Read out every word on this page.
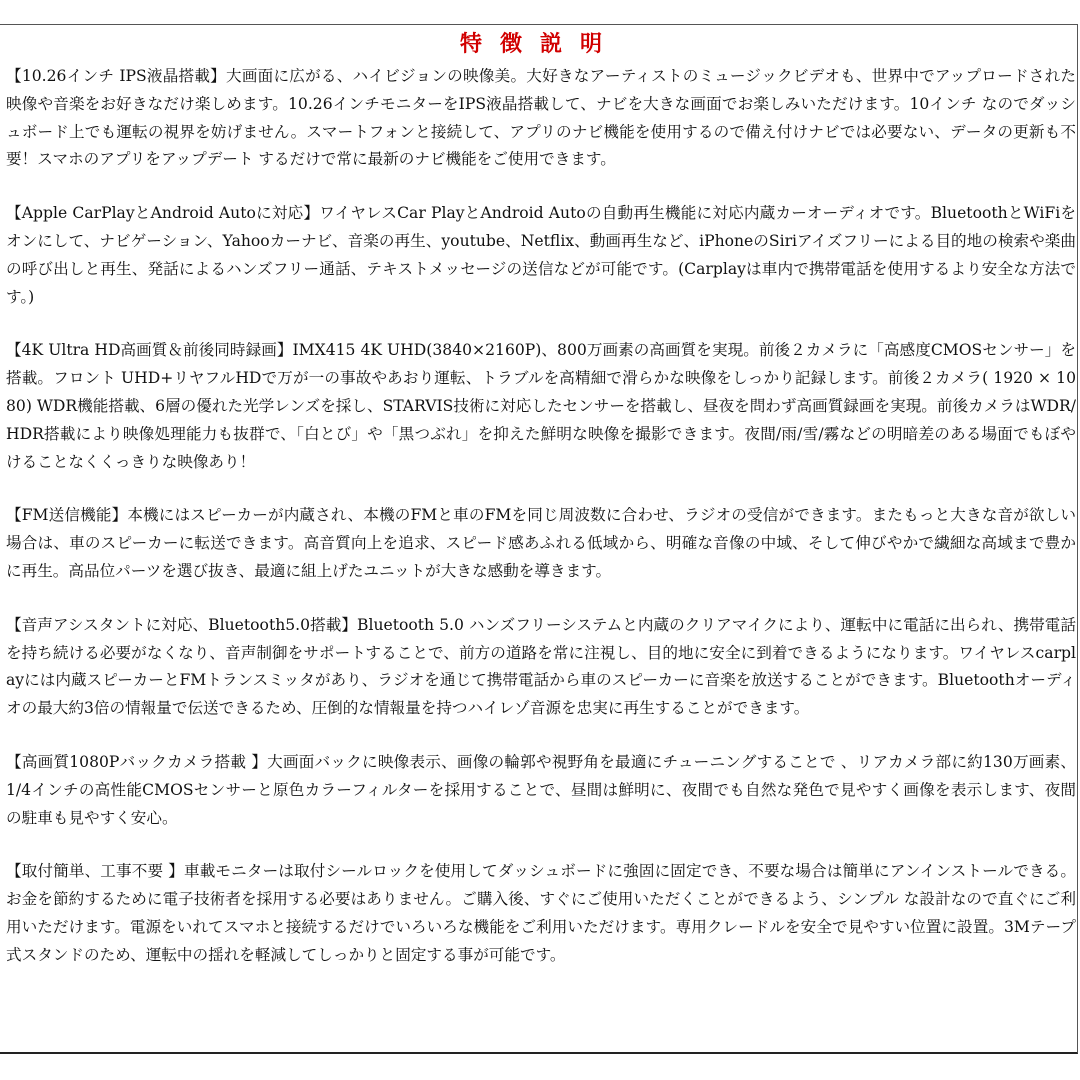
特徴説明

【10.26インチ IPS液晶搭載】大画面に広がる、ハイビジョンの映像美。大好きなアーティストのミュージックビデオも、世界中でアップロードされた映像や音楽をお好きなだけ楽しめます。10.26インチモニターをIPS液晶搭載して、ナビを大きな画面でお楽しみいただけます。10インチ なのでダッシュボード上でも運転の視界を妨げません。スマートフォンと接続して、アプリのナビ機能を使用するので備え付けナビでは必要ない、データの更新も不要！スマホのアプリをアップデート するだけで常に最新のナビ機能をご使用できます。

【Apple CarPlayとAndroid Autoに対応】ワイヤレスCar PlayとAndroid Autoの自動再生機能に対応内蔵カーオーディオです。BluetoothとWiFiをオンにして、ナビゲーション、Yahooカーナビ、音楽の再生、youtube、Netflix、動画再生など、iPhoneのSiriアイズフリーによる目的地の検索や楽曲の呼び出しと再生、発話によるハンズフリー通話、テキストメッセージの送信などが可能です。(Carplayは車内で携帯電話を使用するより安全な方法です。)

【4K Ultra HD高画質＆前後同時録画】IMX415 4K UHD(3840×2160P)、800万画素の高画質を実現。前後２カメラに「高感度CMOSセンサー」を搭載。フロント UHD+リヤフルHDで万が一の事故やあおり運転、トラブルを高精細で滑らかな映像をしっかり記録します。前後２カメラ( 1920 × 1080) WDR機能搭載、6層の優れた光学レンズを採し、STARVIS技術に対応したセンサーを搭載し、昼夜を問わず高画質録画を実現。前後カメラはWDR/HDR搭載により映像処理能力も抜群で、「白とび」や「黒つぶれ」を抑えた鮮明な映像を撮影できます。夜間/雨/雪/霧などの明暗差のある場面でもぼやけることなくくっきりな映像あり！

【FM送信機能】本機にはスピーカーが内蔵され、本機のFMと車のFMを同じ周波数に合わせ、ラジオの受信ができます。またもっと大きな音が欲しい場合は、車のスピーカーに転送できます。高音質向上を追求、スピード感あふれる低域から、明確な音像の中域、そして伸びやかで繊細な高域まで豊かに再生。高品位パーツを選び抜き、最適に組上げたユニットが大きな感動を導きます。

【音声アシスタントに対応、Bluetooth5.0搭載】Bluetooth 5.0 ハンズフリーシステムと内蔵のクリアマイクにより、運転中に電話に出られ、携帯電話を持ち続ける必要がなくなり、音声制御をサポートすることで、前方の道路を常に注視し、目的地に安全に到着できるようになります。ワイヤレスcarplayには内蔵スピーカーとFMトランスミッタがあり、ラジオを通じて携帯電話から車のスピーカーに音楽を放送することができます。Bluetoothオーディオの最大約3倍の情報量で伝送できるため、圧倒的な情報量を持つハイレゾ音源を忠実に再生することができます。

【高画質1080Pバックカメラ搭載 】大画面バックに映像表示、画像の輪郭や視野角を最適にチューニングすることで 、リアカメラ部に約130万画素、1/4インチの高性能CMOSセンサーと原色カラーフィルターを採用することで、昼間は鮮明に、夜間でも自然な発色で見やすく画像を表示します、夜間の駐車も見やすく安心。

【取付簡単、工事不要 】車載モニターは取付シールロックを使用してダッシュボードに強固に固定でき、不要な場合は簡単にアンインストールできる。お金を節約するために電子技術者を採用する必要はありません。ご購入後、すぐにご使用いただくことができるよう、シンプル な設計なので直ぐにご利用いただけます。電源をいれてスマホと接続するだけでいろいろな機能をご利用いただけます。専用クレードルを安全で見やすい位置に設置。3Mテープ式スタンドのため、運転中の揺れを軽減してしっかりと固定する事が可能です。
